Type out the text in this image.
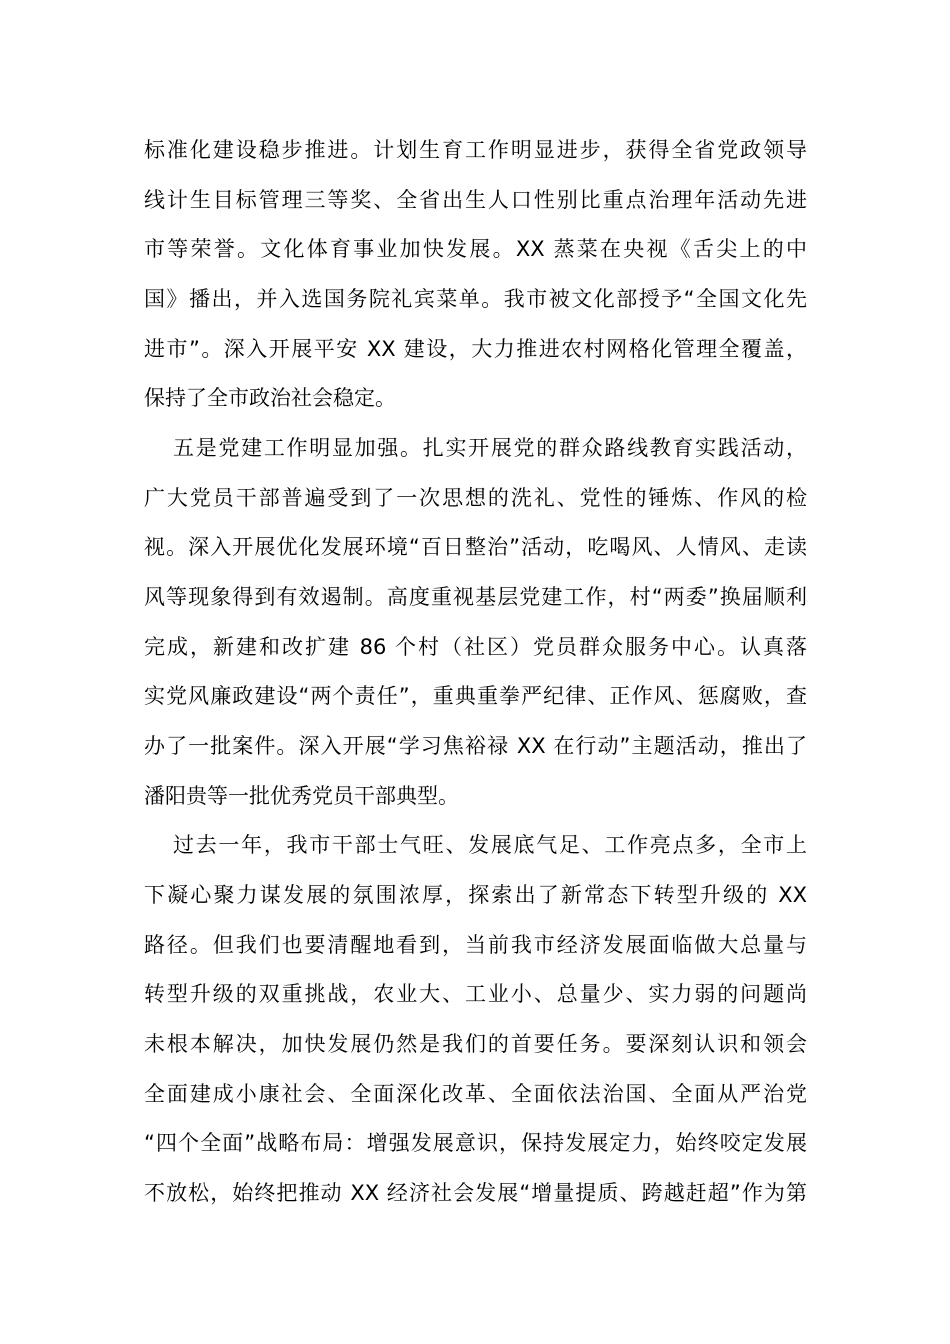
标准化建设稳步推进。计划生育工作明显进步，获得全省党政领导
线计生目标管理三等奖、全省出生人口性别比重点治理年活动先进
市等荣誉。文化体育事业加快发展。XX 蒸菜在央视《舌尖上的中
国》播出，并入选国务院礼宾菜单。我市被文化部授予“全国文化先
进市”。深入开展平安 XX 建设，大力推进农村网格化管理全覆盖，
保持了全市政治社会稳定。
五是党建工作明显加强。扎实开展党的群众路线教育实践活动，
广大党员干部普遍受到了一次思想的洗礼、党性的锤炼、作风的检
视。深入开展优化发展环境“百日整治”活动，吃喝风、人情风、走读
风等现象得到有效遏制。高度重视基层党建工作，村“两委”换届顺利
完成，新建和改扩建 86 个村（社区）党员群众服务中心。认真落
实党风廉政建设“两个责任”，重典重拳严纪律、正作风、惩腐败，查
办了一批案件。深入开展“学习焦裕禄 XX 在行动”主题活动，推出了
潘阳贵等一批优秀党员干部典型。
过去一年，我市干部士气旺、发展底气足、工作亮点多，全市上
下凝心聚力谋发展的氛围浓厚，探索出了新常态下转型升级的 XX
路径。但我们也要清醒地看到，当前我市经济发展面临做大总量与
转型升级的双重挑战，农业大、工业小、总量少、实力弱的问题尚
未根本解决，加快发展仍然是我们的首要任务。要深刻认识和领会
全面建成小康社会、全面深化改革、全面依法治国、全面从严治党
“四个全面”战略布局：增强发展意识，保持发展定力，始终咬定发展
不放松，始终把推动 XX 经济社会发展“增量提质、跨越赶超”作为第
